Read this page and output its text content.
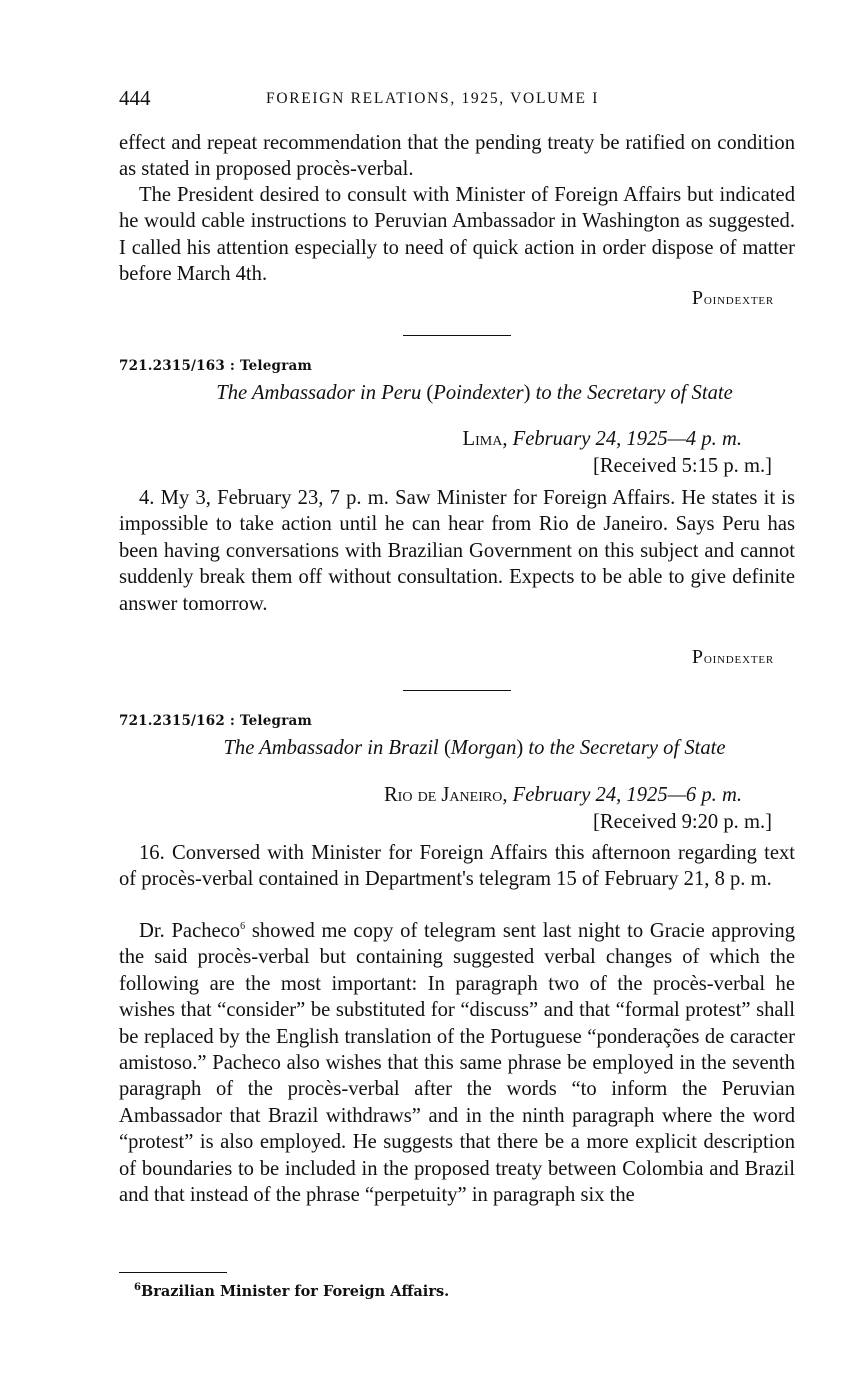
444	FOREIGN RELATIONS, 1925, VOLUME I

effect and repeat recommendation that the pending treaty be ratified on condition as stated in proposed procès-verbal.

The President desired to consult with Minister of Foreign Affairs but indicated he would cable instructions to Peruvian Ambassador in Washington as suggested. I called his attention especially to need of quick action in order dispose of matter before March 4th.

Poindexter
721.2315/163 : Telegram
The Ambassador in Peru (Poindexter) to the Secretary of State
Lima, February 24, 1925—4 p. m.
[Received 5:15 p. m.]

4. My 3, February 23, 7 p. m. Saw Minister for Foreign Affairs. He states it is impossible to take action until he can hear from Rio de Janeiro. Says Peru has been having conversations with Brazilian Government on this subject and cannot suddenly break them off without consultation. Expects to be able to give definite answer tomorrow.

Poindexter
721.2315/162 : Telegram
The Ambassador in Brazil (Morgan) to the Secretary of State
Rio de Janeiro, February 24, 1925—6 p. m.
[Received 9:20 p. m.]

16. Conversed with Minister for Foreign Affairs this afternoon regarding text of procès-verbal contained in Department's telegram 15 of February 21, 8 p. m.

Dr. Pacheco$^6$ showed me copy of telegram sent last night to Gracie approving the said procès-verbal but containing suggested verbal changes of which the following are the most important: In paragraph two of the procès-verbal he wishes that “consider” be substituted for “discuss” and that “formal protest” shall be replaced by the English translation of the Portuguese “ponderações de caracter amistoso.” Pacheco also wishes that this same phrase be employed in the seventh paragraph of the procès-verbal after the words “to inform the Peruvian Ambassador that Brazil withdraws” and in the ninth paragraph where the word “protest” is also employed. He suggests that there be a more explicit description of boundaries to be included in the proposed treaty between Colombia and Brazil and that instead of the phrase “perpetuity” in paragraph six the

$^6$Brazilian Minister for Foreign Affairs.
